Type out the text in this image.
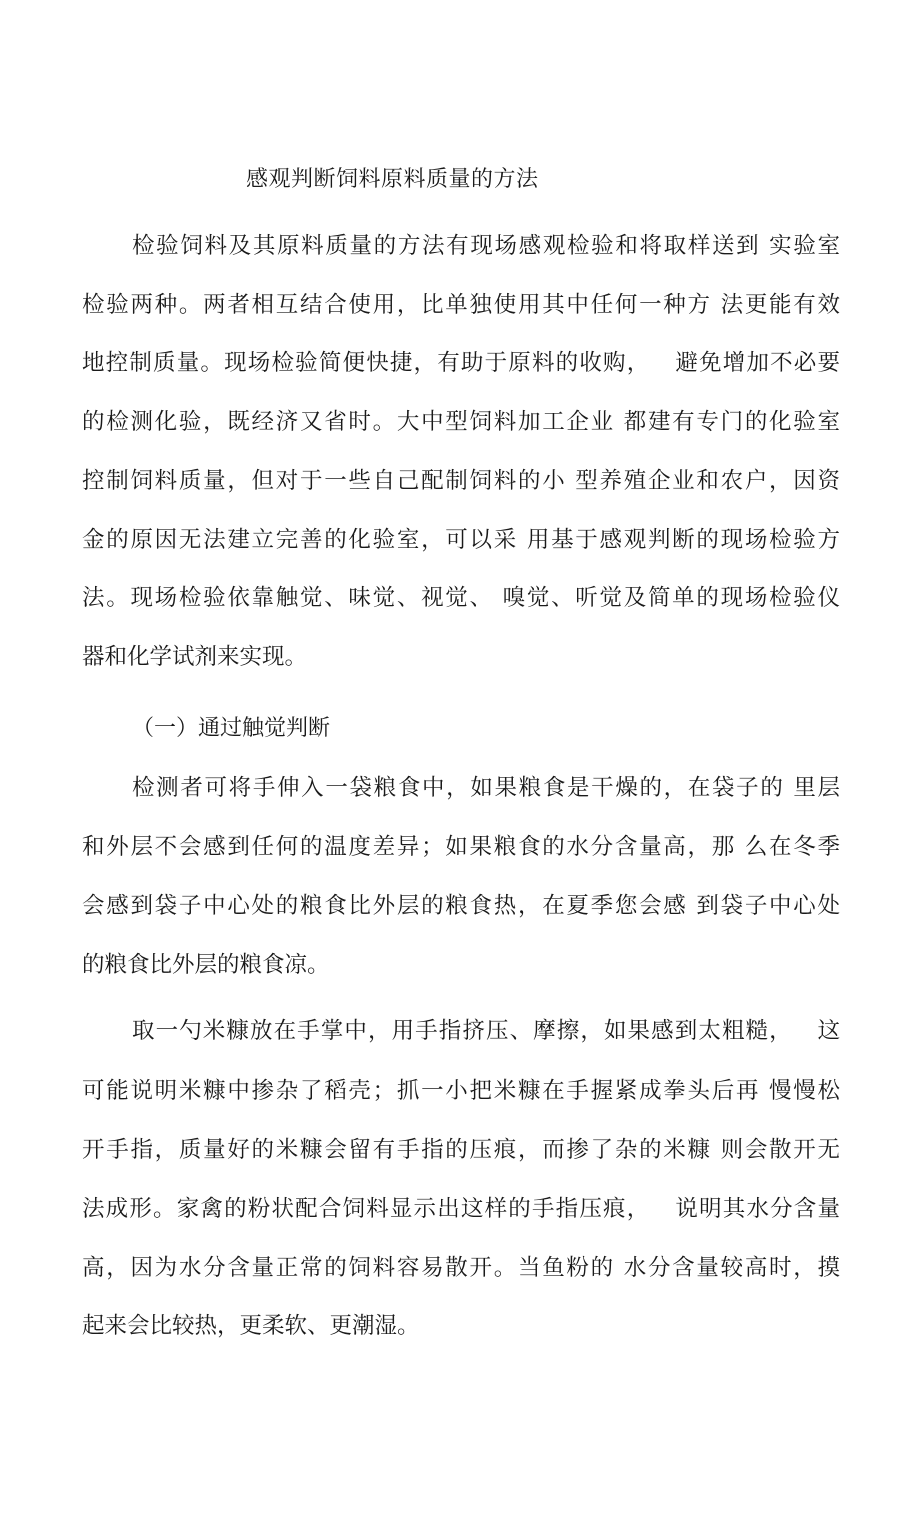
感观判断饲料原料质量的方法
检验饲料及其原料质量的方法有现场感观检验和将取样送到 实验室
检验两种。两者相互结合使用，比单独使用其中任何一种方 法更能有效
地控制质量。现场检验简便快捷，有助于原料的收购，   避免增加不必要
的检测化验，既经济又省时。大中型饲料加工企业 都建有专门的化验室
控制饲料质量，但对于一些自己配制饲料的小 型养殖企业和农户，因资
金的原因无法建立完善的化验室，可以采 用基于感观判断的现场检验方
法。现场检验依靠触觉、味觉、视觉、 嗅觉、听觉及简单的现场检验仪
器和化学试剂来实现。
（一）通过触觉判断
检测者可将手伸入一袋粮食中，如果粮食是干燥的，在袋子的 里层
和外层不会感到任何的温度差异；如果粮食的水分含量高，那 么在冬季
会感到袋子中心处的粮食比外层的粮食热，在夏季您会感 到袋子中心处
的粮食比外层的粮食凉。
取一勺米糠放在手掌中，用手指挤压、摩擦，如果感到太粗糙，   这
可能说明米糠中掺杂了稻壳；抓一小把米糠在手握紧成拳头后再 慢慢松
开手指，质量好的米糠会留有手指的压痕，而掺了杂的米糠 则会散开无
法成形。家禽的粉状配合饲料显示出这样的手指压痕，   说明其水分含量
高，因为水分含量正常的饲料容易散开。当鱼粉的 水分含量较高时，摸
起来会比较热，更柔软、更潮湿。
